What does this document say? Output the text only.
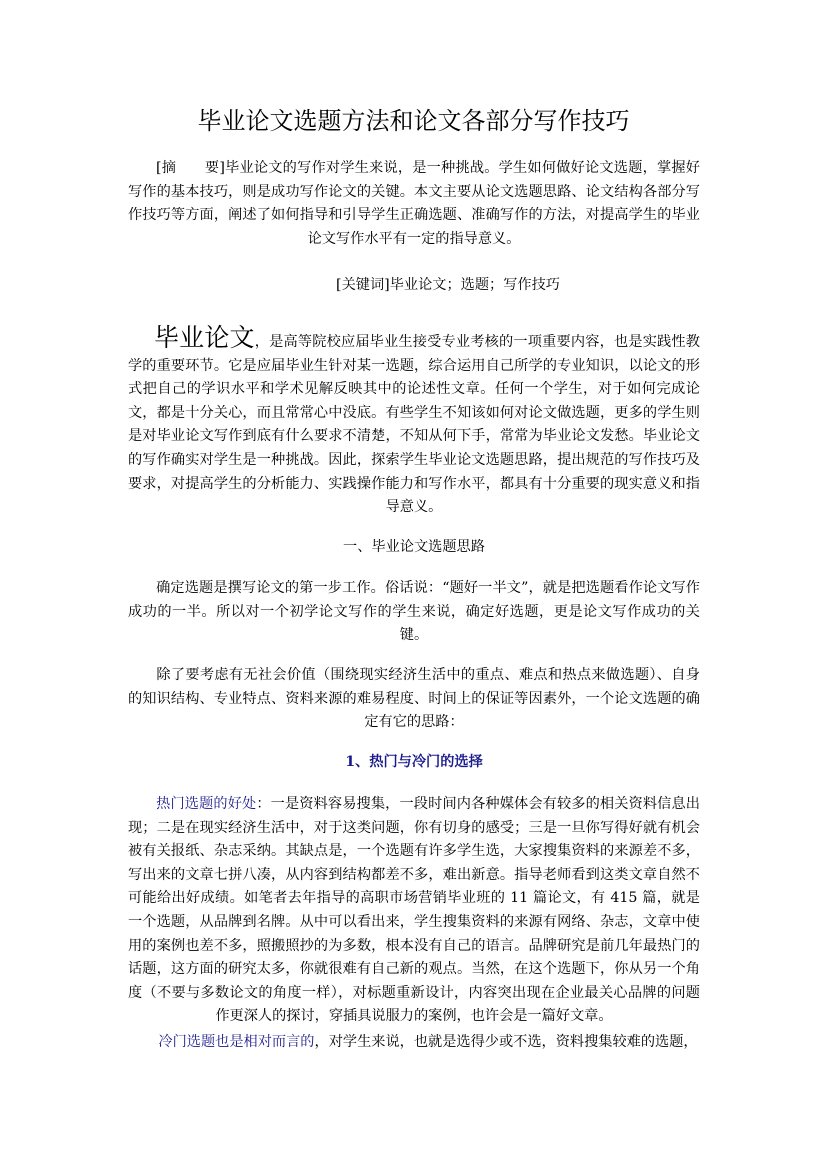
毕业论文选题方法和论文各部分写作技巧

[摘　　要]毕业论文的写作对学生来说，是一种挑战。学生如何做好论文选题，掌握好写作的基本技巧，则是成功写作论文的关键。本文主要从论文选题思路、论文结构各部分写作技巧等方面，阐述了如何指导和引导学生正确选题、准确写作的方法，对提高学生的毕业论文写作水平有一定的指导意义。

[关键词]毕业论文；选题；写作技巧

毕业论文，是高等院校应届毕业生接受专业考核的一项重要内容，也是实践性教学的重要环节。它是应届毕业生针对某一选题，综合运用自己所学的专业知识，以论文的形式把自己的学识水平和学术见解反映其中的论述性文章。任何一个学生，对于如何完成论文，都是十分关心，而且常常心中没底。有些学生不知该如何对论文做选题，更多的学生则是对毕业论文写作到底有什么要求不清楚，不知从何下手，常常为毕业论文发愁。毕业论文的写作确实对学生是一种挑战。因此，探索学生毕业论文选题思路，提出规范的写作技巧及要求，对提高学生的分析能力、实践操作能力和写作水平，都具有十分重要的现实意义和指导意义。

一、毕业论文选题思路

确定选题是撰写论文的第一步工作。俗话说：“题好一半文”，就是把选题看作论文写作成功的一半。所以对一个初学论文写作的学生来说，确定好选题，更是论文写作成功的关键。

除了要考虑有无社会价值（围绕现实经济生活中的重点、难点和热点来做选题）、自身的知识结构、专业特点、资料来源的难易程度、时间上的保证等因素外，一个论文选题的确定有它的思路：

1、热门与冷门的选择

热门选题的好处：一是资料容易搜集，一段时间内各种媒体会有较多的相关资料信息出现；二是在现实经济生活中，对于这类问题，你有切身的感受；三是一旦你写得好就有机会被有关报纸、杂志采纳。其缺点是，一个选题有许多学生选，大家搜集资料的来源差不多，写出来的文章七拼八凑，从内容到结构都差不多，难出新意。指导老师看到这类文章自然不可能给出好成绩。如笔者去年指导的高职市场营销毕业班的 11 篇论文，有 415 篇，就是一个选题，从品牌到名牌。从中可以看出来，学生搜集资料的来源有网络、杂志，文章中使用的案例也差不多，照搬照抄的为多数，根本没有自己的语言。品牌研究是前几年最热门的话题，这方面的研究太多，你就很难有自己新的观点。当然，在这个选题下，你从另一个角度（不要与多数论文的角度一样），对标题重新设计，内容突出现在企业最关心品牌的问题作更深人的探讨，穿插具说服力的案例，也许会是一篇好文章。

冷门选题也是相对而言的，对学生来说，也就是选得少或不选，资料搜集较难的选题，
